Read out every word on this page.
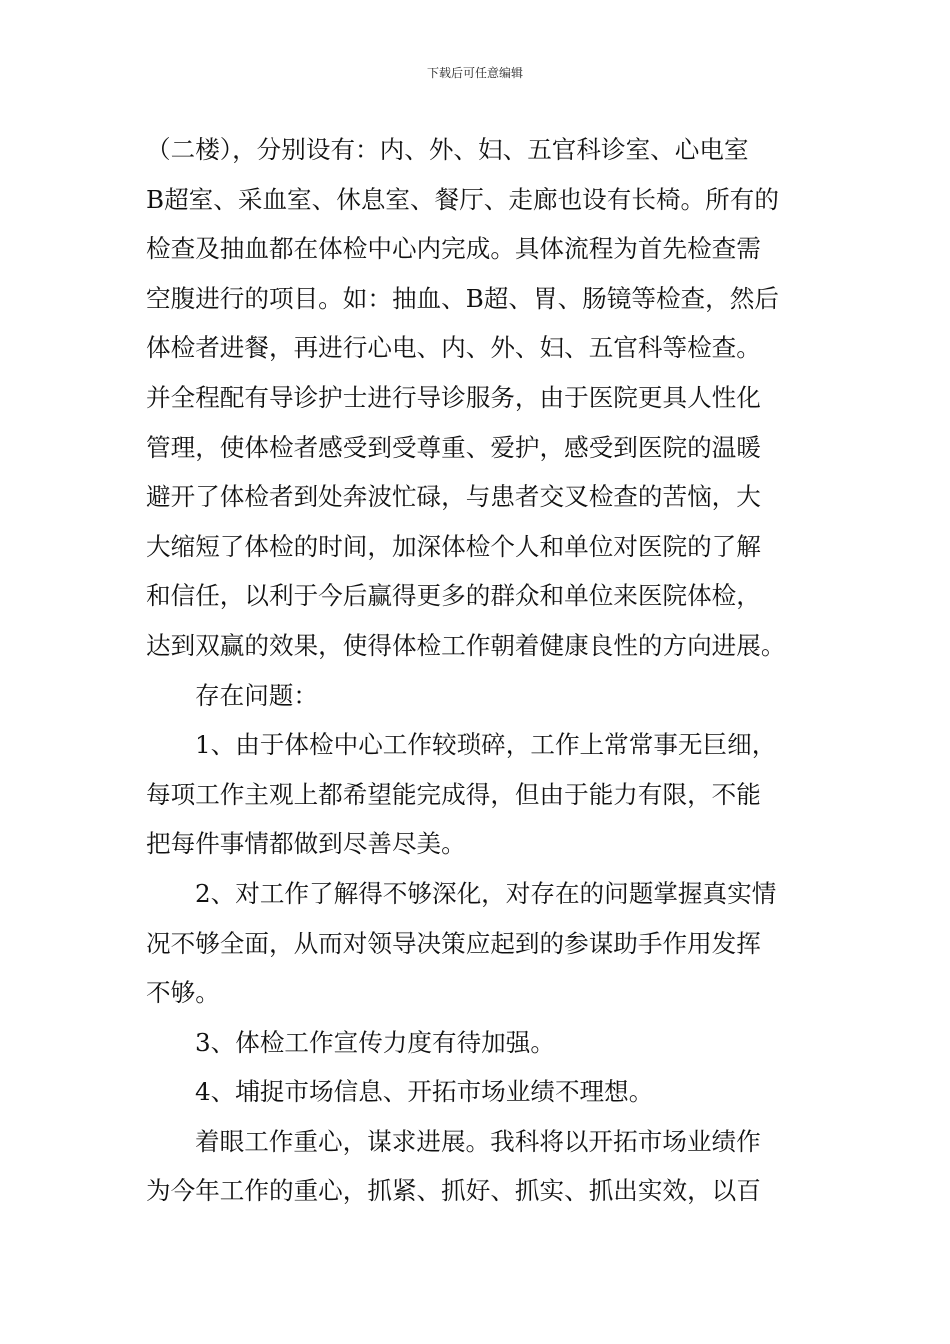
下载后可任意编辑
（二楼），分别设有：内、外、妇、五官科诊室、心电室
B超室、采血室、休息室、餐厅、走廊也设有长椅。所有的
检查及抽血都在体检中心内完成。具体流程为首先检查需
空腹进行的项目。如：抽血、B超、胃、肠镜等检查，然后
体检者进餐，再进行心电、内、外、妇、五官科等检查。
并全程配有导诊护士进行导诊服务，由于医院更具人性化
管理，使体检者感受到受尊重、爱护，感受到医院的温暖
避开了体检者到处奔波忙碌，与患者交叉检查的苦恼，大
大缩短了体检的时间，加深体检个人和单位对医院的了解
和信任，以利于今后赢得更多的群众和单位来医院体检，
达到双赢的效果，使得体检工作朝着健康良性的方向进展。
存在问题：
1、由于体检中心工作较琐碎，工作上常常事无巨细，
每项工作主观上都希望能完成得，但由于能力有限，不能
把每件事情都做到尽善尽美。
2、对工作了解得不够深化，对存在的问题掌握真实情
况不够全面，从而对领导决策应起到的参谋助手作用发挥
不够。
3、体检工作宣传力度有待加强。
4、埔捉市场信息、开拓市场业绩不理想。
着眼工作重心，谋求进展。我科将以开拓市场业绩作
为今年工作的重心，抓紧、抓好、抓实、抓出实效，以百
